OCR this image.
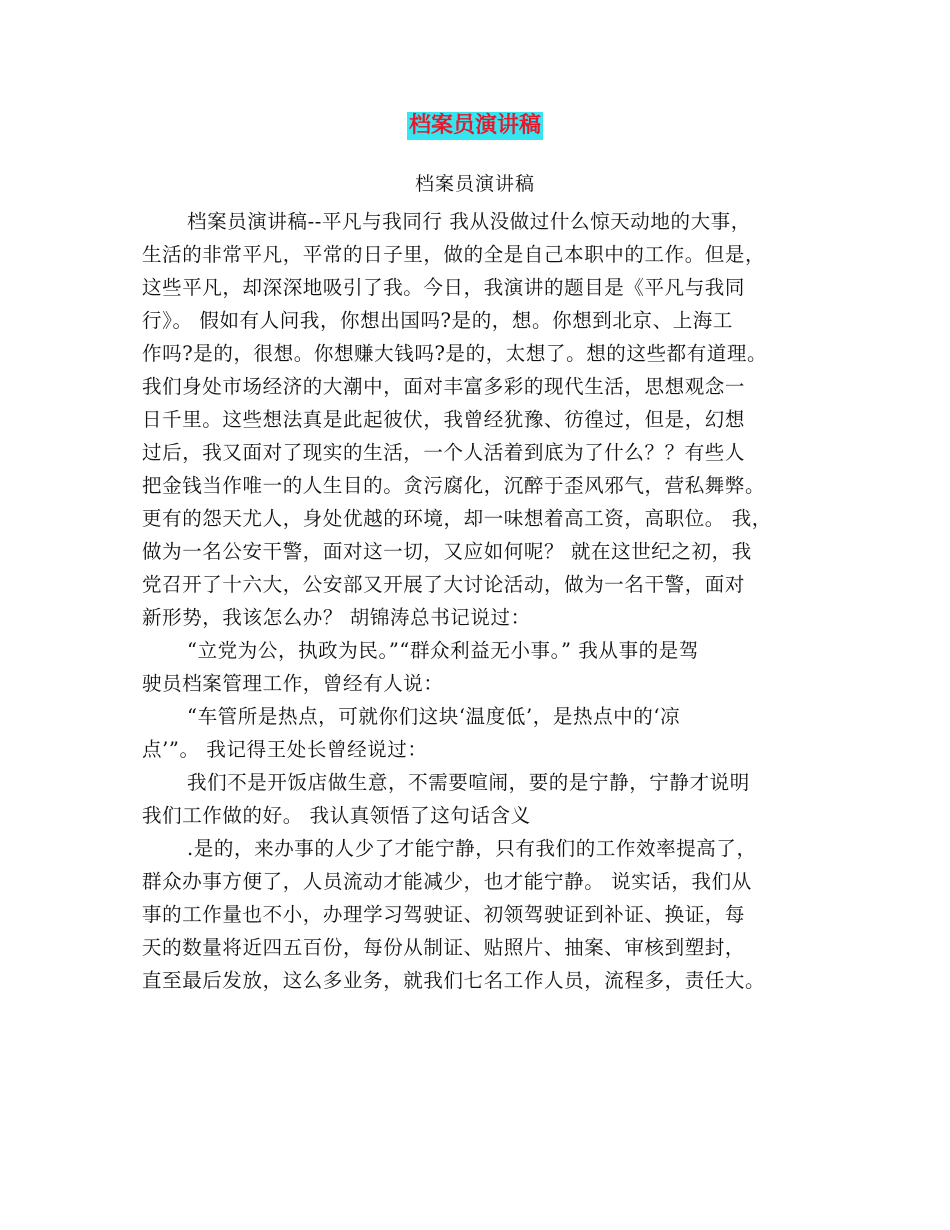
档案员演讲稿
档案员演讲稿
档案员演讲稿--平凡与我同行 我从没做过什么惊天动地的大事，
生活的非常平凡，平常的日子里，做的全是自己本职中的工作。但是，
这些平凡，却深深地吸引了我。今日，我演讲的题目是《平凡与我同
行》。 假如有人问我，你想出国吗?是的，想。你想到北京、上海工
作吗?是的，很想。你想赚大钱吗?是的，太想了。想的这些都有道理。
我们身处市场经济的大潮中，面对丰富多彩的现代生活，思想观念一
日千里。这些想法真是此起彼伏，我曾经犹豫、彷徨过，但是，幻想
过后，我又面对了现实的生活，一个人活着到底为了什么？？有些人
把金钱当作唯一的人生目的。贪污腐化，沉醉于歪风邪气，营私舞弊。
更有的怨天尤人，身处优越的环境，却一味想着高工资，高职位。 我，
做为一名公安干警，面对这一切，又应如何呢？ 就在这世纪之初，我
党召开了十六大，公安部又开展了大讨论活动，做为一名干警，面对
新形势，我该怎么办？ 胡锦涛总书记说过：
“立党为公，执政为民。”“群众利益无小事。” 我从事的是驾
驶员档案管理工作，曾经有人说：
“车管所是热点，可就你们这块‘温度低’，是热点中的‘凉
点’”。 我记得王处长曾经说过：
我们不是开饭店做生意，不需要喧闹，要的是宁静，宁静才说明
我们工作做的好。 我认真领悟了这句话含义
.是的，来办事的人少了才能宁静，只有我们的工作效率提高了，
群众办事方便了，人员流动才能减少，也才能宁静。 说实话，我们从
事的工作量也不小，办理学习驾驶证、初领驾驶证到补证、换证，每
天的数量将近四五百份，每份从制证、贴照片、抽案、审核到塑封，
直至最后发放，这么多业务，就我们七名工作人员，流程多，责任大。
